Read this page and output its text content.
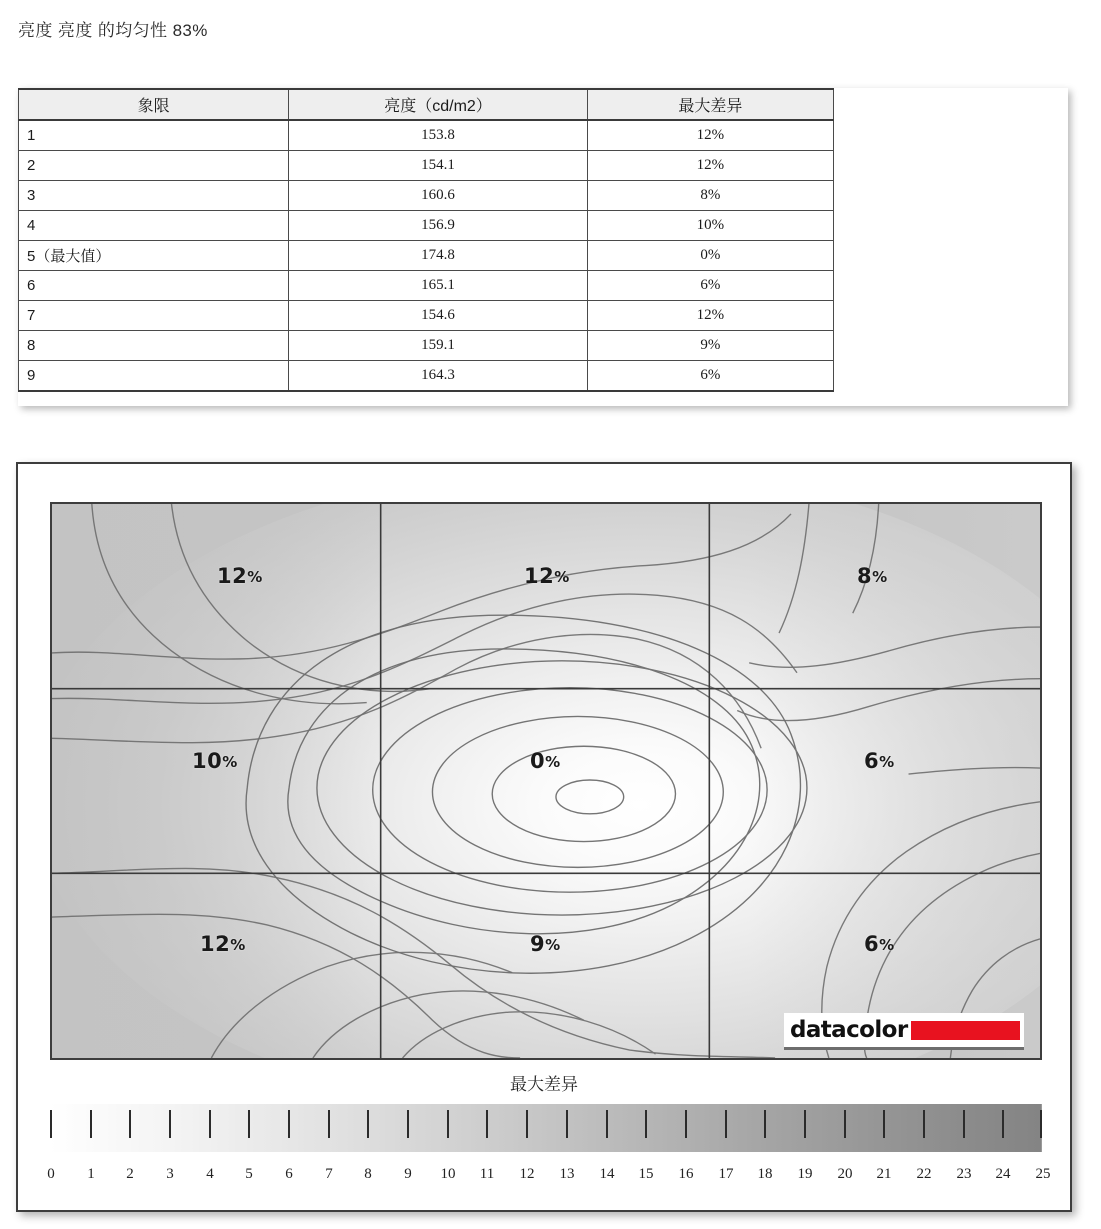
亮度 亮度 的均匀性 83%
象限	亮度（cd/m2）	最大差异
1	153.8	12%
2	154.1	12%
3	160.6	8%
4	156.9	10%
5（最大值）	174.8	0%
6	165.1	6%
7	154.6	12%
8	159.1	9%
9	164.3	6%
12%	12%	8%
10%	0%	6%
12%	9%	6%
datacolor
最大差异
0 1 2 3 4 5 6 7 8 9 10 11 12 13 14 15 16 17 18 19 20 21 22 23 24 25
